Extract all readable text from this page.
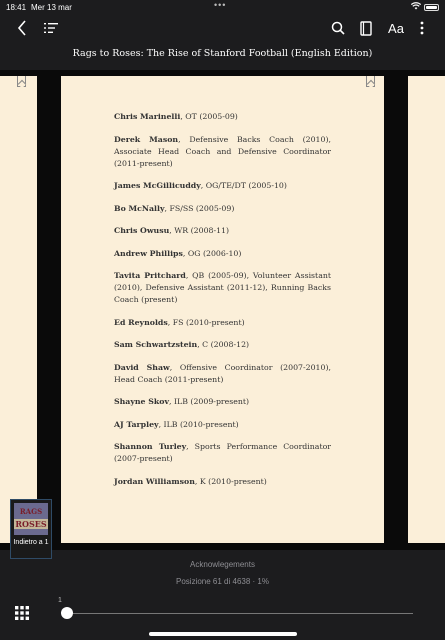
18:41 Mer 13 mar	•••
Aa
Rags to Roses: The Rise of Stanford Football (English Edition)

Chris Marinelli, OT (2005-09)

Derek Mason, Defensive Backs Coach (2010), Associate Head Coach and Defensive Coordinator (2011-present)

James McGillicuddy, OG/TE/DT (2005-10)

Bo McNally, FS/SS (2005-09)

Chris Owusu, WR (2008-11)

Andrew Phillips, OG (2006-10)

Tavita Pritchard, QB (2005-09), Volunteer Assistant (2010), Defensive Assistant (2011-12), Running Backs Coach (present)

Ed Reynolds, FS (2010-present)

Sam Schwartzstein, C (2008-12)

David Shaw, Offensive Coordinator (2007-2010), Head Coach (2011-present)

Shayne Skov, ILB (2009-present)

AJ Tarpley, ILB (2010-present)

Shannon Turley, Sports Performance Coordinator (2007-present)

Jordan Williamson, K (2010-present)

RAGS
ROSES
Indietro a 1
Acknowlegements
Posizione 61 di 4638 · 1%
1
